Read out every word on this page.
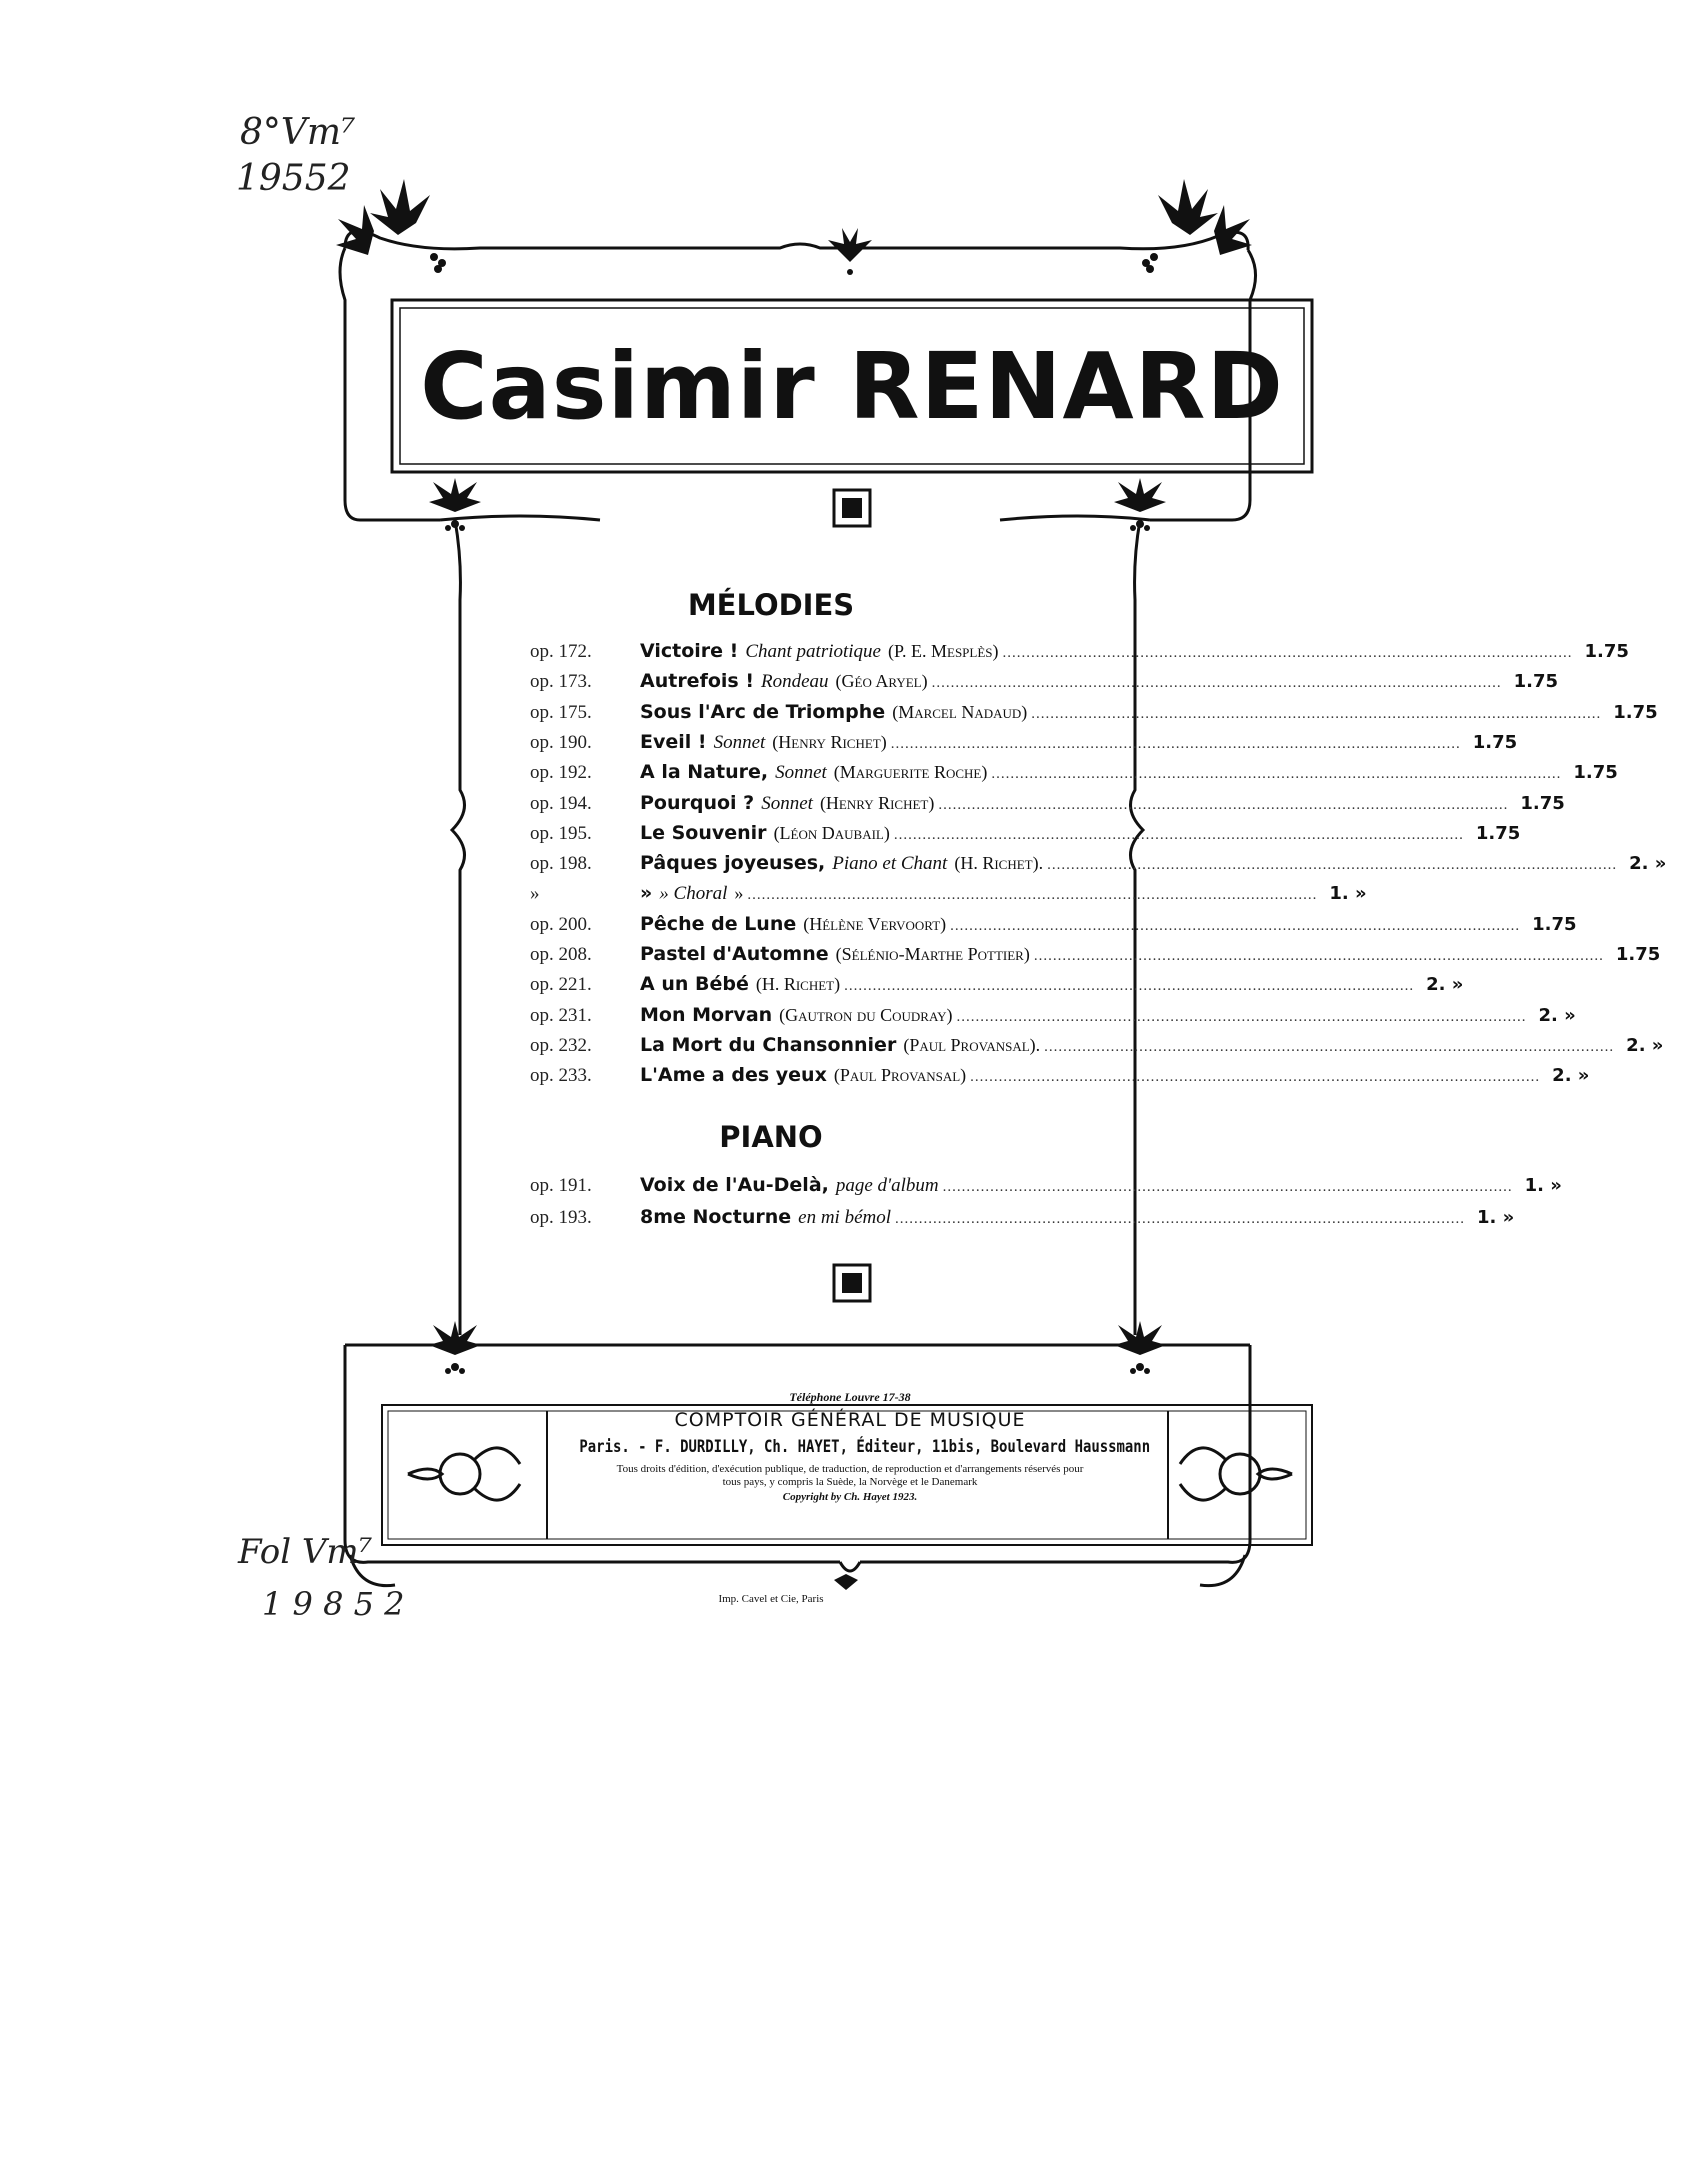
8°Vm⁷
19552
Fol Vm⁷
1 9 8 5 2
Casimir RENARD
MÉLODIES
op. 172.	Victoire ! Chant patriotique (P. E. Mesplès) ........................................................................................................................ 1.75
op. 173.	Autrefois ! Rondeau (Géo Aryel) ........................................................................................................................ 1.75
op. 175.	Sous l'Arc de Triomphe (Marcel Nadaud) ........................................................................................................................ 1.75
op. 190.	Eveil ! Sonnet (Henry Richet) ........................................................................................................................ 1.75
op. 192.	A la Nature, Sonnet (Marguerite Roche) ........................................................................................................................ 1.75
op. 194.	Pourquoi ? Sonnet (Henry Richet) ........................................................................................................................ 1.75
op. 195.	Le Souvenir (Léon Daubail) ........................................................................................................................ 1.75
op. 198.	Pâques joyeuses, Piano et Chant (H. Richet). ........................................................................................................................ 2. »
»	» » Choral » ........................................................................................................................ 1. »
op. 200.	Pêche de Lune (Hélène Vervoort) ........................................................................................................................ 1.75
op. 208.	Pastel d'Automne (Sélénio-Marthe Pottier) ........................................................................................................................ 1.75
op. 221.	A un Bébé (H. Richet) ........................................................................................................................ 2. »
op. 231.	Mon Morvan (Gautron du Coudray) ........................................................................................................................ 2. »
op. 232.	La Mort du Chansonnier (Paul Provansal). ........................................................................................................................ 2. »
op. 233.	L'Ame a des yeux (Paul Provansal) ........................................................................................................................ 2. »
PIANO
op. 191.	Voix de l'Au-Delà, page d'album ........................................................................................................................ 1. »
op. 193.	8me Nocturne en mi bémol ........................................................................................................................ 1. »
Téléphone Louvre 17-38
COMPTOIR GÉNÉRAL DE MUSIQUE
Paris. - F. DURDILLY, Ch. HAYET, Éditeur, 11bis, Boulevard Haussmann
Tous droits d'édition, d'exécution publique, de traduction, de reproduction et d'arrangements réservés pour
tous pays, y compris la Suède, la Norvège et le Danemark
Copyright by Ch. Hayet 1923.
Imp. Cavel et Cie, Paris
